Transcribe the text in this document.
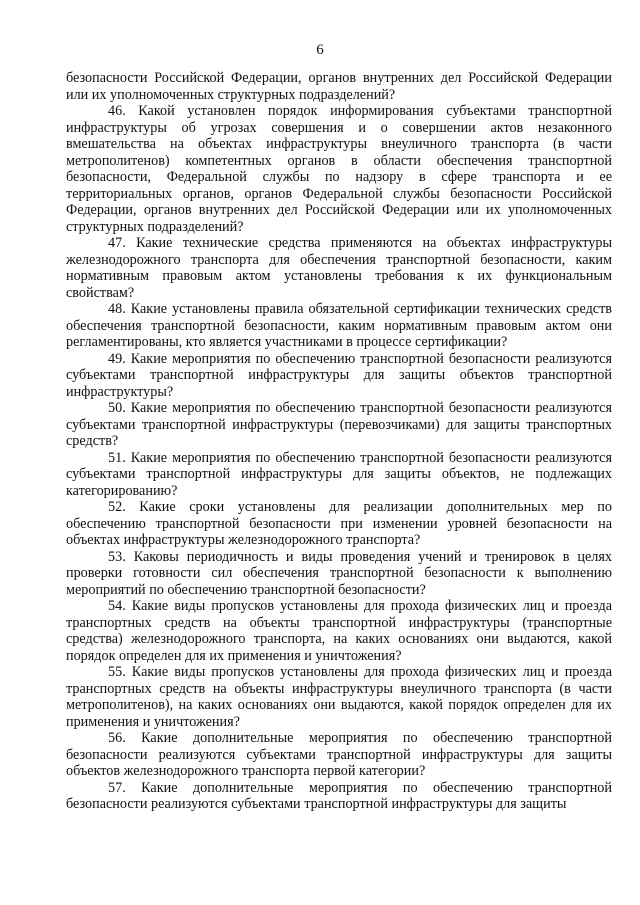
6

безопасности Российской Федерации, органов внутренних дел Российской Федерации или их уполномоченных структурных подразделений?

46. Какой установлен порядок информирования субъектами транспортной инфраструктуры об угрозах совершения и о совершении актов незаконного вмешательства на объектах инфраструктуры внеуличного транспорта (в части метрополитенов) компетентных органов в области обеспечения транспортной безопасности, Федеральной службы по надзору в сфере транспорта и ее территориальных органов, органов Федеральной службы безопасности Российской Федерации, органов внутренних дел Российской Федерации или их уполномоченных структурных подразделений?

47. Какие технические средства применяются на объектах инфраструктуры железнодорожного транспорта для обеспечения транспортной безопасности, каким нормативным правовым актом установлены требования к их функциональным свойствам?

48. Какие установлены правила обязательной сертификации технических средств обеспечения транспортной безопасности, каким нормативным правовым актом они регламентированы, кто является участниками в процессе сертификации?

49. Какие мероприятия по обеспечению транспортной безопасности реализуются субъектами транспортной инфраструктуры для защиты объектов транспортной инфраструктуры?

50. Какие мероприятия по обеспечению транспортной безопасности реализуются субъектами транспортной инфраструктуры (перевозчиками) для защиты транспортных средств?

51. Какие мероприятия по обеспечению транспортной безопасности реализуются субъектами транспортной инфраструктуры для защиты объектов, не подлежащих категорированию?

52. Какие сроки установлены для реализации дополнительных мер по обеспечению транспортной безопасности при изменении уровней безопасности на объектах инфраструктуры железнодорожного транспорта?

53. Каковы периодичность и виды проведения учений и тренировок в целях проверки готовности сил обеспечения транспортной безопасности к выполнению мероприятий по обеспечению транспортной безопасности?

54. Какие виды пропусков установлены для прохода физических лиц и проезда транспортных средств на объекты транспортной инфраструктуры (транспортные средства) железнодорожного транспорта, на каких основаниях они выдаются, какой порядок определен для их применения и уничтожения?

55. Какие виды пропусков установлены для прохода физических лиц и проезда транспортных средств на объекты инфраструктуры внеуличного транспорта (в части метрополитенов), на каких основаниях они выдаются, какой порядок определен для их применения и уничтожения?

56. Какие дополнительные мероприятия по обеспечению транспортной безопасности реализуются субъектами транспортной инфраструктуры для защиты объектов железнодорожного транспорта первой категории?

57. Какие дополнительные мероприятия по обеспечению транспортной безопасности реализуются субъектами транспортной инфраструктуры для защиты
